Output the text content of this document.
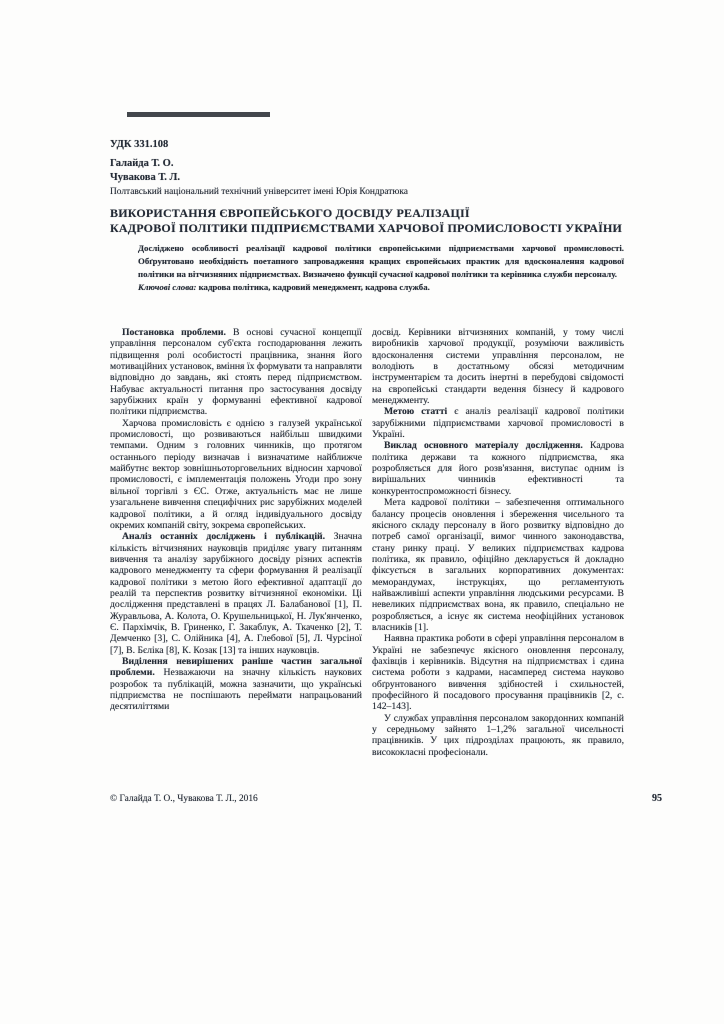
УДК 331.108
Галайда Т. О.
Чувакова Т. Л.
Полтавський національний технічний університет імені Юрія Кондратюка
ВИКОРИСТАННЯ ЄВРОПЕЙСЬКОГО ДОСВІДУ РЕАЛІЗАЦІЇ
КАДРОВОЇ ПОЛІТИКИ ПІДПРИЄМСТВАМИ ХАРЧОВОЇ ПРОМИСЛОВОСТІ УКРАЇНИ

Досліджено особливості реалізації кадрової політики європейськими підприємствами харчової промисловості. Обґрунтовано необхідність поетапного запровадження кращих європейських практик для вдосконалення кадрової політики на вітчизняних підприємствах. Визначено функції сучасної кадрової політики та керівника служби персоналу.

Ключові слова: кадрова політика, кадровий менеджмент, кадрова служба.

Постановка проблеми. В основі сучасної концепції управління персоналом суб'єкта господарювання лежить підвищення ролі особистості працівника, знання його мотиваційних установок, вміння їх формувати та направляти відповідно до завдань, які стоять перед підприємством. Набуває актуальності питання про застосування досвіду зарубіжних країн у формуванні ефективної кадрової політики підприємства.

Харчова промисловість є однією з галузей української промисловості, що розвиваються найбільш швидкими темпами. Одним з головних чинників, що протягом останнього періоду визначав і визначатиме найближче майбутнє вектор зовнішньоторговельних відносин харчової промисловості, є імплементація положень Угоди про зону вільної торгівлі з ЄС. Отже, актуальність має не лише узагальнене вивчення специфічних рис зарубіжних моделей кадрової політики, а й огляд індивідуального досвіду окремих компаній світу, зокрема європейських.

Аналіз останніх досліджень і публікацій. Значна кількість вітчизняних науковців приділяє увагу питанням вивчення та аналізу зарубіжного досвіду різних аспектів кадрового менеджменту та сфери формування й реалізації кадрової політики з метою його ефективної адаптації до реалій та перспектив розвитку вітчизняної економіки. Ці дослідження представлені в працях Л. Балабанової [1], П. Журавльова, А. Колота, О. Крушельницької, Н. Лук'янченко, Є. Пархімчік, В. Гриненко, Г. Закаблук, А. Ткаченко [2], Т. Демченко [3], С. Олійника [4], А. Глебової [5], Л. Чурсіної [7], В. Бєліка [8], К. Козак [13] та інших науковців.

Виділення невирішених раніше частин загальної проблеми. Незважаючи на значну кількість наукових розробок та публікацій, можна зазначити, що українські підприємства не поспішають переймати напрацьований десятиліттями

досвід. Керівники вітчизняних компаній, у тому числі виробників харчової продукції, розуміючи важливість вдосконалення системи управління персоналом, не володіють в достатньому обсязі методичним інструментарієм та досить інертні в перебудові свідомості на європейські стандарти ведення бізнесу й кадрового менеджменту.

Метою статті є аналіз реалізації кадрової політики зарубіжними підприємствами харчової промисловості в Україні.

Виклад основного матеріалу дослідження. Кадрова політика держави та кожного підприємства, яка розробляється для його розв'язання, виступає одним із вирішальних чинників ефективності та конкурентоспроможності бізнесу.

Мета кадрової політики – забезпечення оптимального балансу процесів оновлення і збереження чисельного та якісного складу персоналу в його розвитку відповідно до потреб самої організації, вимог чинного законодавства, стану ринку праці. У великих підприємствах кадрова політика, як правило, офіційно декларується й докладно фіксується в загальних корпоративних документах: меморандумах, інструкціях, що регламентують найважливіші аспекти управління людськими ресурсами. В невеликих підприємствах вона, як правило, спеціально не розробляється, а існує як система неофіційних установок власників [1].

Наявна практика роботи в сфері управління персоналом в Україні не забезпечує якісного оновлення персоналу, фахівців і керівників. Відсутня на підприємствах і єдина система роботи з кадрами, насамперед система науково обґрунтованого вивчення здібностей і схильностей, професійного й посадового просування працівників [2, с. 142–143].

У службах управління персоналом закордонних компаній у середньому зайнято 1–1,2% загальної чисельності працівників. У цих підрозділах працюють, як правило, висококласні професіонали.

© Галайда Т. О., Чувакова Т. Л., 2016	95
